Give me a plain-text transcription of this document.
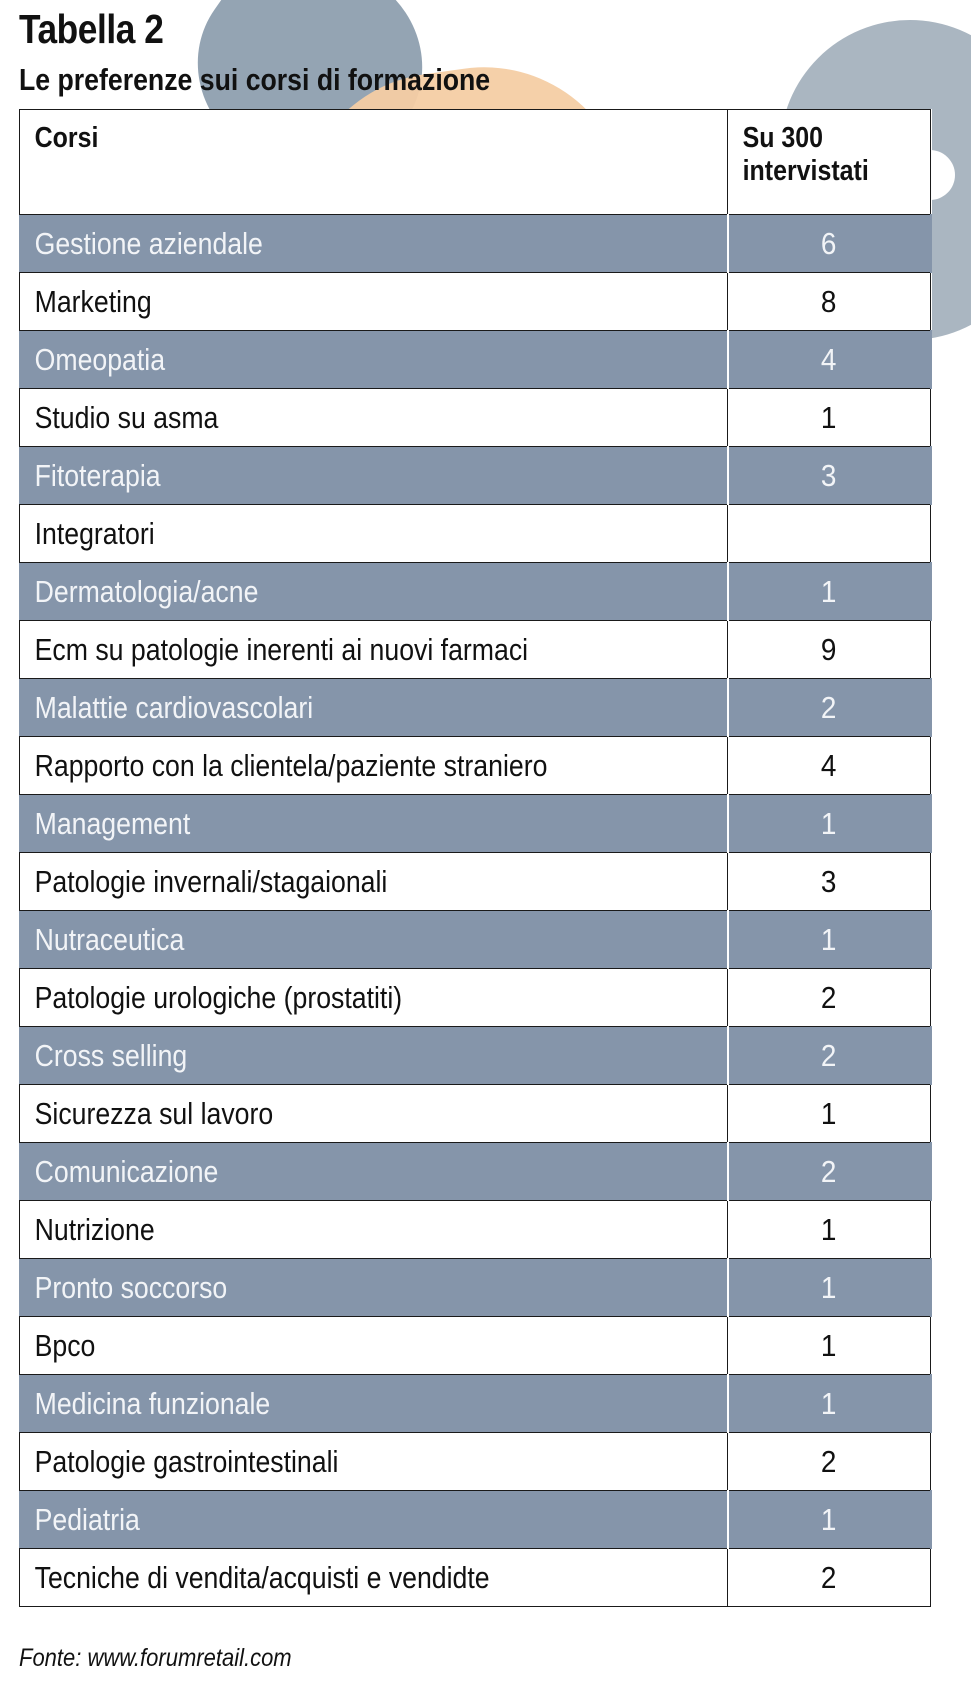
Tabella 2
Le preferenze sui corsi di formazione
Corsi	Su 300
intervistati

Gestione aziendale	6
Marketing	8
Omeopatia	4
Studio su asma	1
Fitoterapia	3
Integratori	
Dermatologia/acne	1
Ecm su patologie inerenti ai nuovi farmaci	9
Malattie cardiovascolari	2
Rapporto con la clientela/paziente straniero	4
Management	1
Patologie invernali/stagaionali	3
Nutraceutica	1
Patologie urologiche (prostatiti)	2
Cross selling	2
Sicurezza sul lavoro	1
Comunicazione	2
Nutrizione	1
Pronto soccorso	1
Bpco	1
Medicina funzionale	1
Patologie gastrointestinali	2
Pediatria	1
Tecniche di vendita/acquisti e vendidte	2

Fonte: www.forumretail.com
